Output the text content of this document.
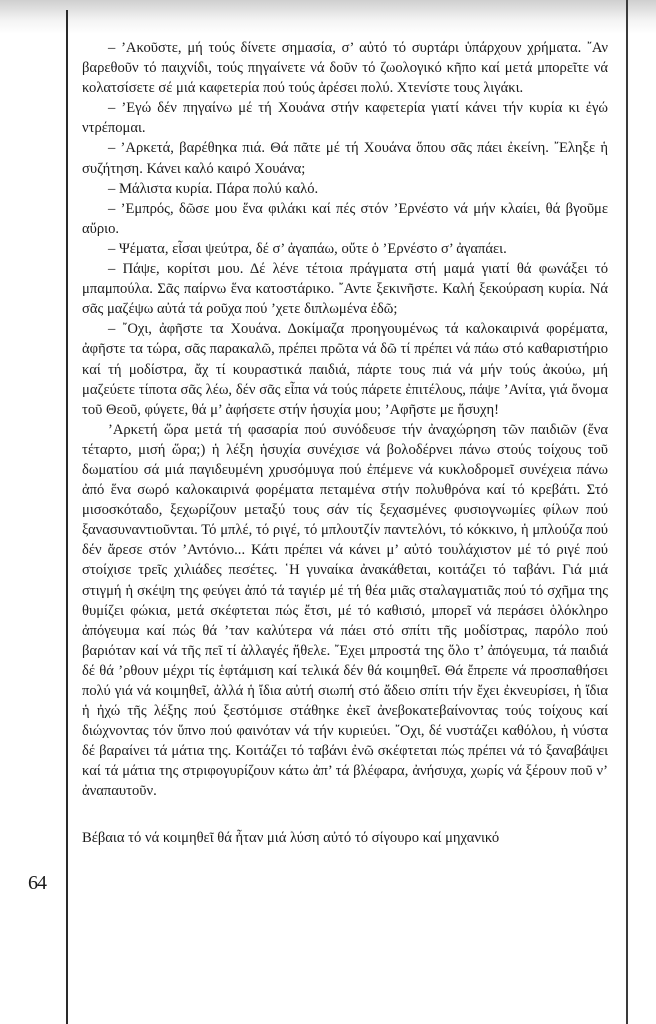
64

– ’Ακοῦστε, μή τούς δίνετε σημασία, σ’ αὐτό τό συρτάρι ὑπάρχουν χρήματα. ῎Αν βαρεθοῦν τό παιχνίδι, τούς πηγαίνετε νά δοῦν τό ζωολογικό κῆπο καί μετά μπορεῖτε νά κολατσίσετε σέ μιά καφετερία πού τούς ἀρέσει πολύ. Χτενίστε τους λιγάκι.

– ’Εγώ δέν πηγαίνω μέ τή Χουάνα στήν καφετερία γιατί κάνει τήν κυρία κι ἐγώ ντρέπομαι.

– ’Αρκετά, βαρέθηκα πιά. Θά πᾶτε μέ τή Χουάνα ὅπου σᾶς πάει ἐκείνη. ῎Εληξε ἡ συζήτηση. Κάνει καλό καιρό Χουάνα;

– Μάλιστα κυρία. Πάρα πολύ καλό.

– ’Εμπρός, δῶσε μου ἕνα φιλάκι καί πές στόν ’Ερνέστο νά μήν κλαίει, θά βγοῦμε αὔριο.

– Ψέματα, εἶσαι ψεύτρα, δέ σ’ ἀγαπάω, οὔτε ὁ ’Ερνέστο σ’ ἀγαπάει.

– Πάψε, κορίτσι μου. Δέ λένε τέτοια πράγματα στή μαμά γιατί θά φωνάξει τό μπαμπούλα. Σᾶς παίρνω ἕνα κατοστάρικο. ῎Αντε ξεκινῆστε. Καλή ξεκούραση κυρία. Νά σᾶς μαζέψω αὐτά τά ροῦχα πού ’χετε διπλωμένα ἐδῶ;

– ῎Οχι, ἀφῆστε τα Χουάνα. Δοκίμαζα προηγουμένως τά καλοκαιρινά φορέματα, ἀφῆστε τα τώρα, σᾶς παρακαλῶ, πρέπει πρῶτα νά δῶ τί πρέπει νά πάω στό καθαριστήριο καί τή μοδίστρα, ἄχ τί κουραστικά παιδιά, πάρτε τους πιά νά μήν τούς ἀκούω, μή μαζεύετε τίποτα σᾶς λέω, δέν σᾶς εἶπα νά τούς πάρετε ἐπιτέλους, πάψε ’Ανίτα, γιά ὄνομα τοῦ Θεοῦ, φύγετε, θά μ’ ἀφήσετε στήν ἡσυχία μου; ’Αφῆστε με ἥσυχη!

’Αρκετή ὥρα μετά τή φασαρία πού συνόδευσε τήν ἀναχώρηση τῶν παιδιῶν (ἕνα τέταρτο, μισή ὥρα;) ἡ λέξη ἡσυχία συνέχισε νά βολοδέρνει πάνω στούς τοίχους τοῦ δωματίου σά μιά παγιδευμένη χρυσόμυγα πού ἐπέμενε νά κυκλοδρομεῖ συνέχεια πάνω ἀπό ἕνα σωρό καλοκαιρινά φορέματα πεταμένα στήν πολυθρόνα καί τό κρεβάτι. Στό μισοσκόταδο, ξεχωρίζουν μεταξύ τους σάν τίς ξεχασμένες φυσιογνωμίες φίλων πού ξανασυναντιοῦνται. Τό μπλέ, τό ριγέ, τό μπλουτζίν παντελόνι, τό κόκκινο, ἡ μπλούζα πού δέν ἄρεσε στόν ’Αντόνιο... Κάτι πρέπει νά κάνει μ’ αὐτό τουλάχιστον μέ τό ριγέ πού στοίχισε τρεῖς χιλιάδες πεσέτες. ῾Η γυναίκα ἀνακάθεται, κοιτάζει τό ταβάνι. Γιά μιά στιγμή ἡ σκέψη της φεύγει ἀπό τά ταγιέρ μέ τή θέα μιᾶς σταλαγματιᾶς πού τό σχῆμα της θυμίζει φώκια, μετά σκέφτεται πώς ἔτσι, μέ τό καθισιό, μπορεῖ νά περάσει ὁλόκληρο ἀπόγευμα καί πώς θά ’ταν καλύτερα νά πάει στό σπίτι τῆς μοδίστρας, παρόλο πού βαριόταν καί νά τῆς πεῖ τί ἀλλαγές ἤθελε. ῎Εχει μπροστά της ὅλο τ’ ἀπόγευμα, τά παιδιά δέ θά ’ρθουν μέχρι τίς ἑφτάμιση καί τελικά δέν θά κοιμηθεῖ. Θά ἔπρεπε νά προσπαθήσει πολύ γιά νά κοιμηθεῖ, ἀλλά ἡ ἴδια αὐτή σιωπή στό ἄδειο σπίτι τήν ἔχει ἐκνευρίσει, ἡ ἴδια ἡ ἠχώ τῆς λέξης πού ξεστόμισε στάθηκε ἐκεῖ ἀνεβοκατεβαίνοντας τούς τοίχους καί διώχνοντας τόν ὕπνο πού φαινόταν νά τήν κυριεύει. ῎Οχι, δέ νυστάζει καθόλου, ἡ νύστα δέ βαραίνει τά μάτια της. Κοιτάζει τό ταβάνι ἐνῶ σκέφτεται πώς πρέπει νά τό ξαναβάψει καί τά μάτια της στριφογυρίζουν κάτω ἀπ’ τά βλέφαρα, ἀνήσυχα, χωρίς νά ξέρουν ποῦ ν’ ἀναπαυτοῦν.

Βέβαια τό νά κοιμηθεῖ θά ἦταν μιά λύση αὐτό τό σίγουρο καί μηχανικό
